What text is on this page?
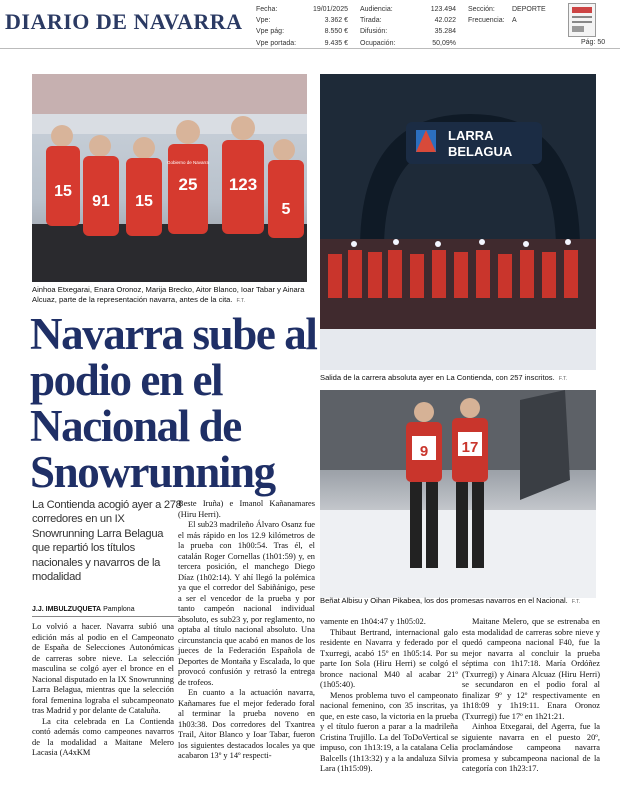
DIARIO DE NAVARRA Fecha:	19/01/2025
Vpe:	3.362 €
Vpe pág:	8.550 €
Vpe portada:	9.435 €
Audiencia:	123.494
Tirada:	42.022
Difusión:	35.284
Ocupación:	50,09%
Sección: DEPORTE
Frecuencia: A
Pág: 50
15
91 15
25 123
5
Gobierno de Navarra
Ainhoa Etxegarai, Enara Oronoz, Marija Brecko, Aitor Blanco, Ioar Tabar y Ainara Alcuaz, parte de la representación navarra, antes de la cita. F.T.
LARRA
BELAGUA
Salida de la carrera absoluta ayer en La Contienda, con 257 inscritos. F.T.
9 17
Beñat Albisu y Oihan Pikabea, los dos promesas navarros en el Nacional. F.T.
Navarra sube al podio en el Nacional de Snowrunning
La Contienda acogió ayer a 278 corredores en un IX Snowrunning Larra Belagua que repartió los títulos nacionales y navarros de la modalidad
J.J. IMBULZUQUETA Pamplona

Lo volvió a hacer. Navarra subió una edición más al podio en el Campeonato de España de Selecciones Autonómicas de carreras sobre nieve. La selección masculina se colgó ayer el bronce en el Nacional disputado en la IX Snowrunning Larra Belagua, mientras que la selección foral femenina lograba el subcampeonato tras Madrid y por delante de Cataluña.

La cita celebrada en La Contienda contó además como campeones navarros de la modalidad a Maitane Melero Lacasia (A4xKM

Beste Iruña) e Imanol Kañanamares (Hiru Herri).

El sub23 madrileño Álvaro Osanz fue el más rápido en los 12.9 kilómetros de la prueba con 1h00:54. Tras él, el catalán Roger Cornellas (1h01:59) y, en tercera posición, el manchego Diego Díaz (1h02:14). Y ahí llegó la polémica ya que el corredor del Sabiñánigo, pese a ser el vencedor de la prueba y por tanto campeón nacional individual absoluto, es sub23 y, por reglamento, no optaba al título nacional absoluto. Una circunstancia que acabó en manos de los jueces de la Federación Española de Deportes de Montaña y Escalada, lo que provocó confusión y retrasó la entrega de trofeos.

En cuanto a la actuación navarra, Kañamares fue el mejor federado foral al terminar la prueba noveno en 1h03:38. Dos corredores del Txantrea Trail, Aitor Blanco y Ioar Tabar, fueron los siguientes destacados locales ya que acabaron 13º y 14º respecti-

vamente en 1h04:47 y 1h05:02.

Thibaut Bertrand, internacional galo residente en Navarra y federado por el Txurregi, acabó 15º en 1h05:14. Por su parte Ion Sola (Hiru Herri) se colgó el bronce nacional M40 al acabar 21º (1h05:40).

Menos problema tuvo el campeonato nacional femenino, con 35 inscritas, ya que, en este caso, la victoria en la prueba y el título fueron a parar a la madrileña Cristina Trujillo. La del ToDoVertical se impuso, con 1h13:19, a la catalana Celia Balcells (1h13:32) y a la andaluza Silvia Lara (1h15:09).

Maitane Melero, que se estrenaba en esta modalidad de carreras sobre nieve y quedó campeona nacional F40, fue la mejor navarra al concluir la prueba séptima con 1h17:18. María Ordóñez (Txurregi) y Ainara Alcuaz (Hiru Herri) se secundaron en el podio foral al finalizar 9º y 12º respectivamente en 1h18:09 y 1h19:11. Enara Oronoz (Txurregi) fue 17º en 1h21:21.

Ainhoa Etxegarai, del Agerra, fue la siguiente navarra en el puesto 20º, proclamándose campeona navarra promesa y subcampeona nacional de la categoría con 1h23:17.
